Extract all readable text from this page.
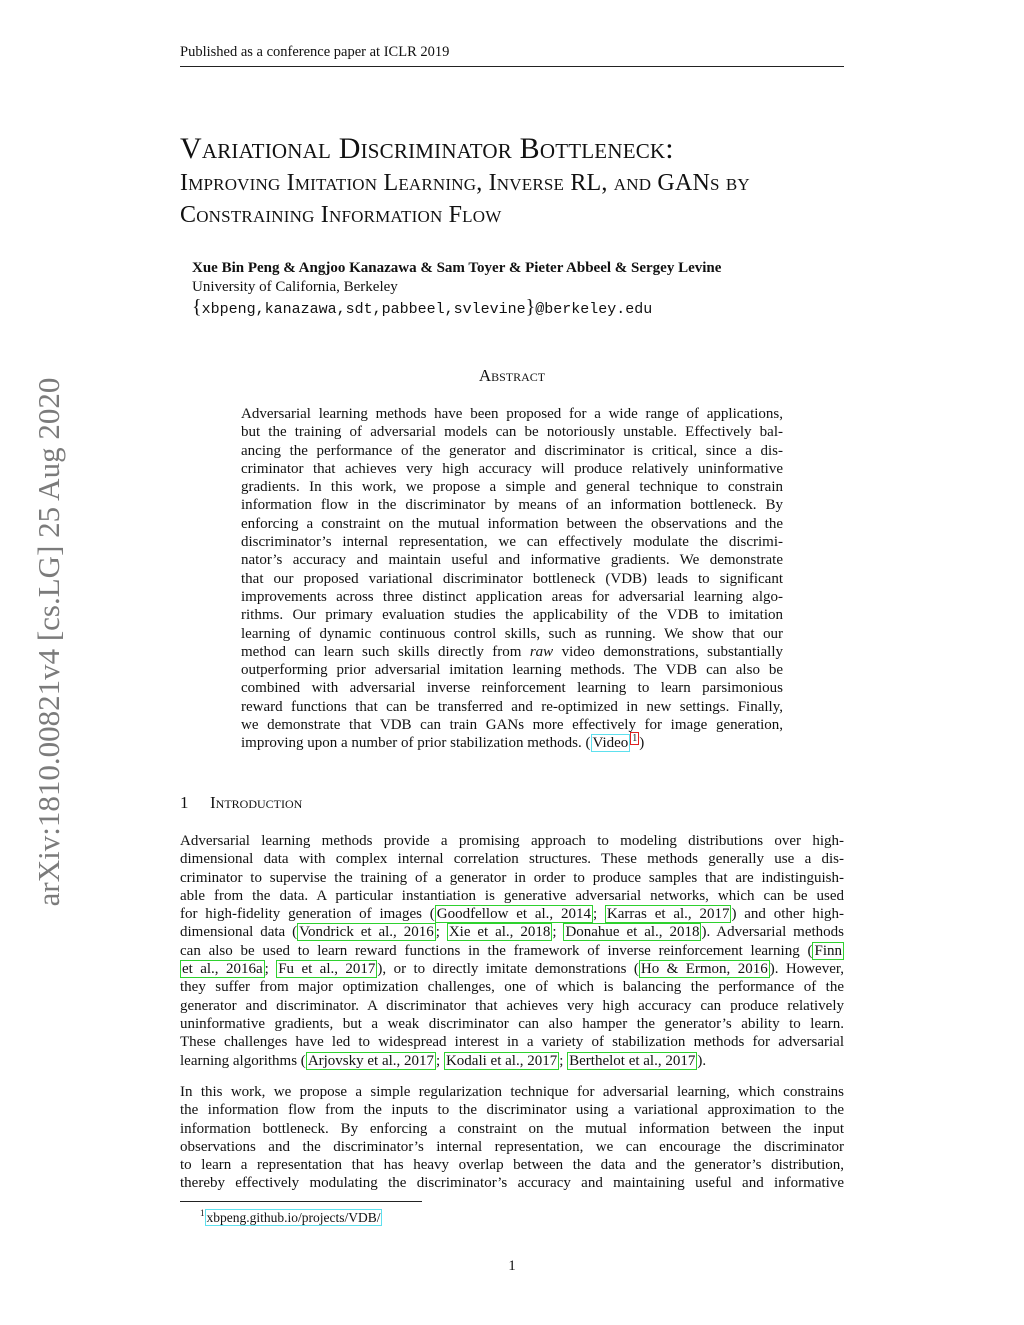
Published as a conference paper at ICLR 2019
Variational Discriminator Bottleneck:
Improving Imitation Learning, Inverse RL, and GANs by
Constraining Information Flow
Xue Bin Peng & Angjoo Kanazawa & Sam Toyer & Pieter Abbeel & Sergey Levine
University of California, Berkeley
{xbpeng,kanazawa,sdt,pabbeel,svlevine}@berkeley.edu
arXiv:1810.00821v4 [cs.LG] 25 Aug 2020
Abstract
Adversarial learning methods have been proposed for a wide range of applications,
but the training of adversarial models can be notoriously unstable. Effectively bal-
ancing the performance of the generator and discriminator is critical, since a dis-
criminator that achieves very high accuracy will produce relatively uninformative
gradients. In this work, we propose a simple and general technique to constrain
information flow in the discriminator by means of an information bottleneck. By
enforcing a constraint on the mutual information between the observations and the
discriminator’s internal representation, we can effectively modulate the discrimi-
nator’s accuracy and maintain useful and informative gradients. We demonstrate
that our proposed variational discriminator bottleneck (VDB) leads to significant
improvements across three distinct application areas for adversarial learning algo-
rithms. Our primary evaluation studies the applicability of the VDB to imitation
learning of dynamic continuous control skills, such as running. We show that our
method can learn such skills directly from raw video demonstrations, substantially
outperforming prior adversarial imitation learning methods. The VDB can also be
combined with adversarial inverse reinforcement learning to learn parsimonious
reward functions that can be transferred and re-optimized in new settings. Finally,
we demonstrate that VDB can train GANs more effectively for image generation,
improving upon a number of prior stabilization methods. ( Video $^1$ )
1 Introduction
Adversarial learning methods provide a promising approach to modeling distributions over high-
dimensional data with complex internal correlation structures. These methods generally use a dis-
criminator to supervise the training of a generator in order to produce samples that are indistinguish-
able from the data. A particular instantiation is generative adversarial networks, which can be used
for high-fidelity generation of images ( Goodfellow et al., 2014 ; Karras et al., 2017 ) and other high-
dimensional data ( Vondrick et al., 2016 ; Xie et al., 2018 ; Donahue et al., 2018 ). Adversarial methods
can also be used to learn reward functions in the framework of inverse reinforcement learning ( Finn
et al., 2016a ; Fu et al., 2017 ), or to directly imitate demonstrations ( Ho & Ermon, 2016 ). However,
they suffer from major optimization challenges, one of which is balancing the performance of the
generator and discriminator. A discriminator that achieves very high accuracy can produce relatively
uninformative gradients, but a weak discriminator can also hamper the generator’s ability to learn.
These challenges have led to widespread interest in a variety of stabilization methods for adversarial
learning algorithms ( Arjovsky et al., 2017 ; Kodali et al., 2017 ; Berthelot et al., 2017 ).
In this work, we propose a simple regularization technique for adversarial learning, which constrains
the information flow from the inputs to the discriminator using a variational approximation to the
information bottleneck. By enforcing a constraint on the mutual information between the input
observations and the discriminator’s internal representation, we can encourage the discriminator
to learn a representation that has heavy overlap between the data and the generator’s distribution,
thereby effectively modulating the discriminator’s accuracy and maintaining useful and informative
$^1$ xbpeng.github.io/projects/VDB/
1
